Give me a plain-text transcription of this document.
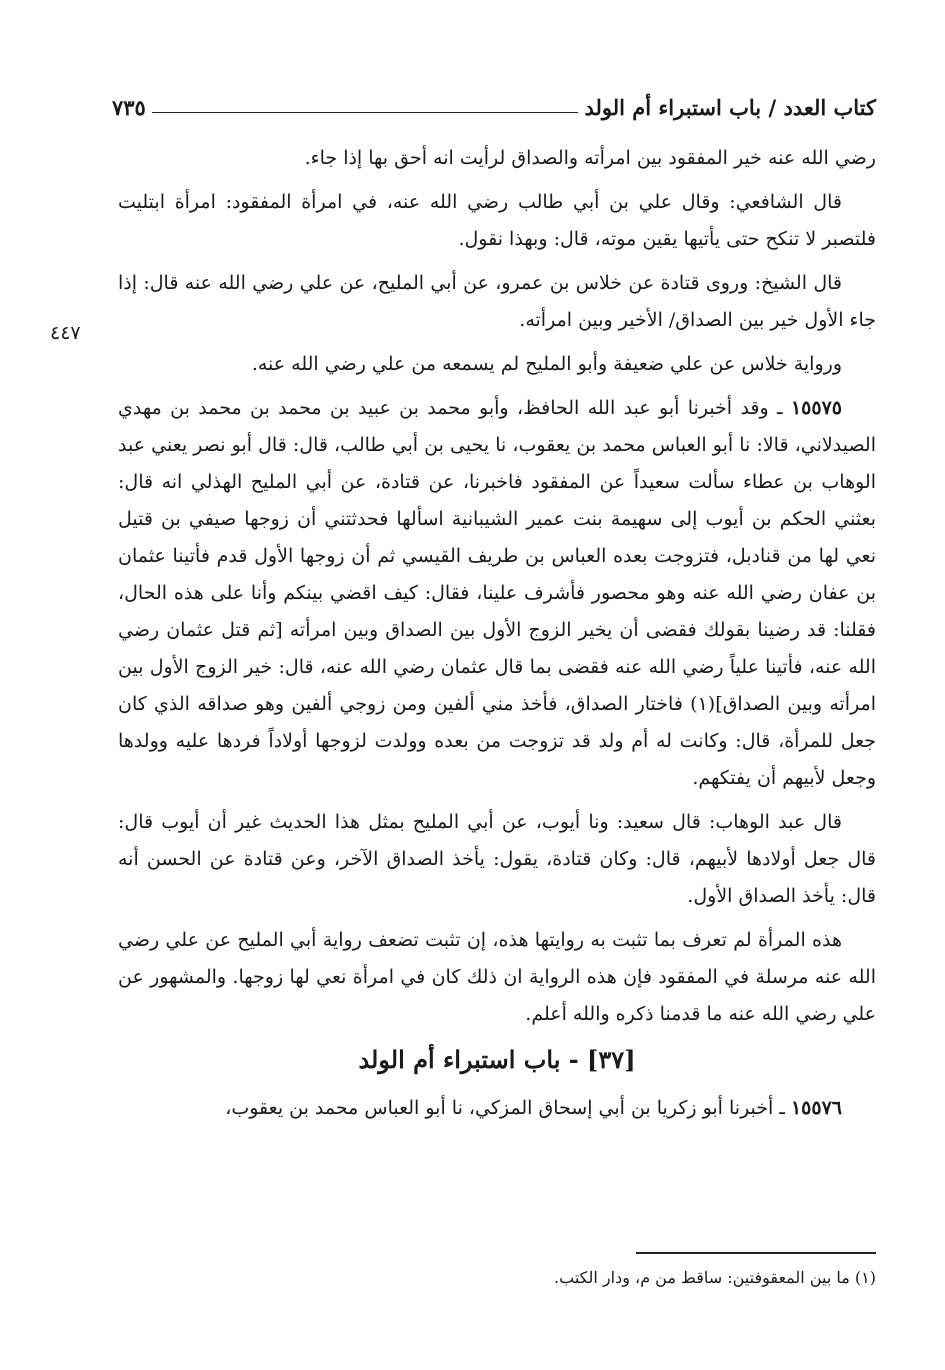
كتاب العدد / باب استبراء أم الولد
٧٣٥
٤٤٧

رضي الله عنه خير المفقود بين امرأته والصداق لرأيت انه أحق بها إذا جاء.

قال الشافعي: وقال علي بن أبي طالب رضي الله عنه، في امرأة المفقود: امرأة ابتليت فلتصبر لا تنكح حتى يأتيها يقين موته، قال: وبهذا نقول.

قال الشيخ: وروى قتادة عن خلاس بن عمرو، عن أبي المليح، عن علي رضي الله عنه قال: إذا جاء الأول خير بين الصداق/ الأخير وبين امرأته.

ورواية خلاس عن علي ضعيفة وأبو المليح لم يسمعه من علي رضي الله عنه.

١٥٥٧٥ ـ وقد أخبرنا أبو عبد الله الحافظ، وأبو محمد بن عبيد بن محمد بن محمد بن مهدي الصيدلاني، قالا: نا أبو العباس محمد بن يعقوب، نا يحيى بن أبي طالب، قال: قال أبو نصر يعني عبد الوهاب بن عطاء سألت سعيداً عن المفقود فاخبرنا، عن قتادة، عن أبي المليح الهذلي انه قال: بعثني الحكم بن أيوب إلى سهيمة بنت عمير الشيبانية اسألها فحدثتني أن زوجها صيفي بن قتيل نعي لها من قنادبل، فتزوجت بعده العباس بن طريف القيسي ثم أن زوجها الأول قدم فأتينا عثمان بن عفان رضي الله عنه وهو محصور فأشرف علينا، فقال: كيف اقضي بينكم وأنا على هذه الحال، فقلنا: قد رضينا بقولك فقضى أن يخير الزوج الأول بين الصداق وبين امرأته [ثم قتل عثمان رضي الله عنه، فأتينا علياً رضي الله عنه فقضى بما قال عثمان رضي الله عنه، قال: خير الزوج الأول بين امرأته وبين الصداق](١) فاختار الصداق، فأخذ مني ألفين ومن زوجي ألفين وهو صداقه الذي كان جعل للمرأة، قال: وكانت له أم ولد قد تزوجت من بعده وولدت لزوجها أولاداً فردها عليه وولدها وجعل لأبيهم أن يفتكهم.

قال عبد الوهاب: قال سعيد: ونا أيوب، عن أبي المليح بمثل هذا الحديث غير أن أيوب قال: قال جعل أولادها لأبيهم، قال: وكان قتادة، يقول: يأخذ الصداق الآخر، وعن قتادة عن الحسن أنه قال: يأخذ الصداق الأول.

هذه المرأة لم تعرف بما تثبت به روايتها هذه، إن تثبت تضعف رواية أبي المليح عن علي رضي الله عنه مرسلة في المفقود فإن هذه الرواية ان ذلك كان في امرأة نعي لها زوجها. والمشهور عن علي رضي الله عنه ما قدمنا ذكره والله أعلم.

[٣٧] - باب استبراء أم الولد

١٥٥٧٦ ـ أخبرنا أبو زكريا بن أبي إسحاق المزكي، نا أبو العباس محمد بن يعقوب،

(١) ما بين المعقوفتين: ساقط من م، ودار الكتب.
